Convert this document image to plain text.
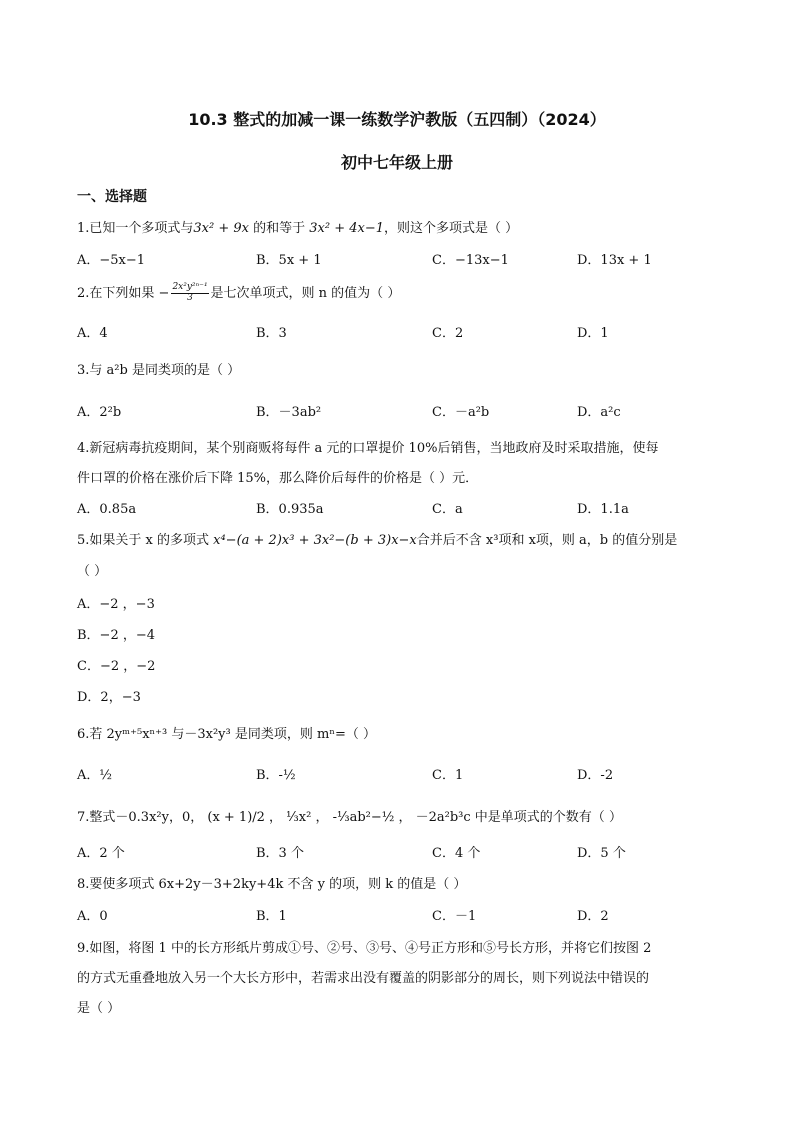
10.3 整式的加减一课一练数学沪教版（五四制）（2024）
初中七年级上册
一、选择题
1.已知一个多项式与3x² + 9x 的和等于 3x² + 4x−1，则这个多项式是（ ）
A．−5x−1	B．5x + 1	C．−13x−1	D．13x + 1
2.在下列如果 − $\frac{\text{2x²y²ⁿ⁻¹}}{3}$ 是七次单项式，则 n 的值为（ ）
A．4	B．3	C．2	D．1
3.与 a²b 是同类项的是（ ）
A．2²b	B．－3ab²	C．－a²b	D．a²c
4.新冠病毒抗疫期间，某个别商贩将每件 a 元的口罩提价 10%后销售，当地政府及时采取措施，使每
件口罩的价格在涨价后下降 15%，那么降价后每件的价格是（ ）元．
A．0.85a	B．0.935a	C．a	D．1.1a
5.如果关于 x 的多项式 x⁴−(a + 2)x³ + 3x²−(b + 3)x−x合并后不含 x³项和 x项，则 a，b 的值分别是
（ ）
A．−2 ，−3
B．−2 ，−4
C．−2 ，−2
D．2，−3
6.若 2yᵐ⁺⁵xⁿ⁺³ 与－3x²y³ 是同类项，则 mⁿ=（ ）
A．½	B．-½	C．1	D．-2
7.整式－0.3x²y，0， (x + 1)/2 ， ⅓x² ， -⅓ab²−½ ， －2a²b³c 中是单项式的个数有（ ）
A．2 个	B．3 个	C．4 个	D．5 个
8.要使多项式 6x+2y－3+2ky+4k 不含 y 的项，则 k 的值是（ ）
A．0	B．1	C．－1	D．2
9.如图，将图 1 中的长方形纸片剪成①号、②号、③号、④号正方形和⑤号长方形，并将它们按图 2
的方式无重叠地放入另一个大长方形中，若需求出没有覆盖的阴影部分的周长，则下列说法中错误的
是（ ）
